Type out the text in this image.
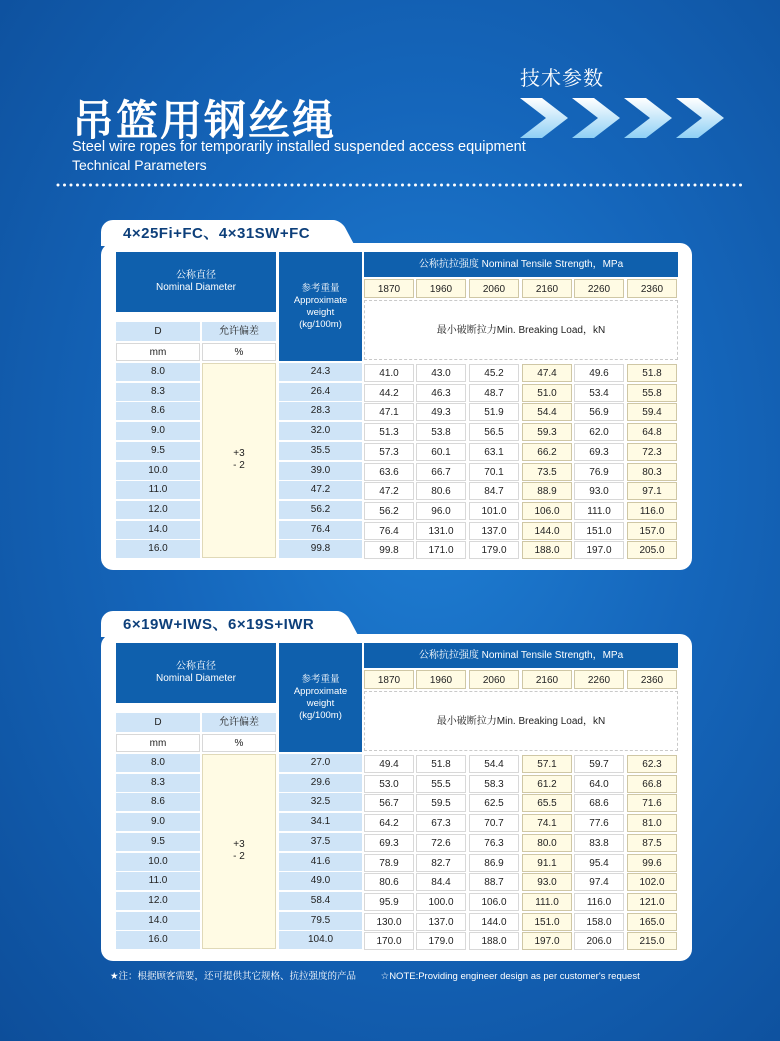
技术参数
吊篮用钢丝绳
Steel wire ropes for temporarily installed suspended access equipment
Technical Parameters
4×25Fi+FC、4×31SW+FC
公称直径
Nominal Diameter	参考重量
Approximate weight
(kg/100m)
公称抗拉强度 Nominal Tensile Strength，MPa
1870	1960	2060	2160	2260	2360
最小破断拉力Min. Breaking Load，kN
D	允许偏差
mm	%
8.0	24.3	41.0	43.0	45.2	47.4	49.6	51.8
8.3	26.4	44.2	46.3	48.7	51.0	53.4	55.8
8.6	28.3	47.1	49.3	51.9	54.4	56.9	59.4
9.0	32.0	51.3	53.8	56.5	59.3	62.0	64.8
9.5	35.5	57.3	60.1	63.1	66.2	69.3	72.3
10.0	39.0	63.6	66.7	70.1	73.5	76.9	80.3
11.0	47.2	47.2	80.6	84.7	88.9	93.0	97.1
12.0	56.2	56.2	96.0	101.0	106.0	111.0	116.0
14.0	76.4	76.4	131.0	137.0	144.0	151.0	157.0
16.0	99.8	99.8	171.0	179.0	188.0	197.0	205.0
+3
- 2
6×19W+IWS、6×19S+IWR
公称直径
Nominal Diameter	参考重量
Approximate weight
(kg/100m)
公称抗拉强度 Nominal Tensile Strength，MPa
1870	1960	2060	2160	2260	2360
最小破断拉力Min. Breaking Load，kN
D	允许偏差
mm	%
8.0	27.0	49.4	51.8	54.4	57.1	59.7	62.3
8.3	29.6	53.0	55.5	58.3	61.2	64.0	66.8
8.6	32.5	56.7	59.5	62.5	65.5	68.6	71.6
9.0	34.1	64.2	67.3	70.7	74.1	77.6	81.0
9.5	37.5	69.3	72.6	76.3	80.0	83.8	87.5
10.0	41.6	78.9	82.7	86.9	91.1	95.4	99.6
11.0	49.0	80.6	84.4	88.7	93.0	97.4	102.0
12.0	58.4	95.9	100.0	106.0	111.0	116.0	121.0
14.0	79.5	130.0	137.0	144.0	151.0	158.0	165.0
16.0	104.0	170.0	179.0	188.0	197.0	206.0	215.0
+3
- 2
★注：根据顾客需要，还可提供其它规格、抗拉强度的产品	☆NOTE:Providing engineer design as per customer's request
